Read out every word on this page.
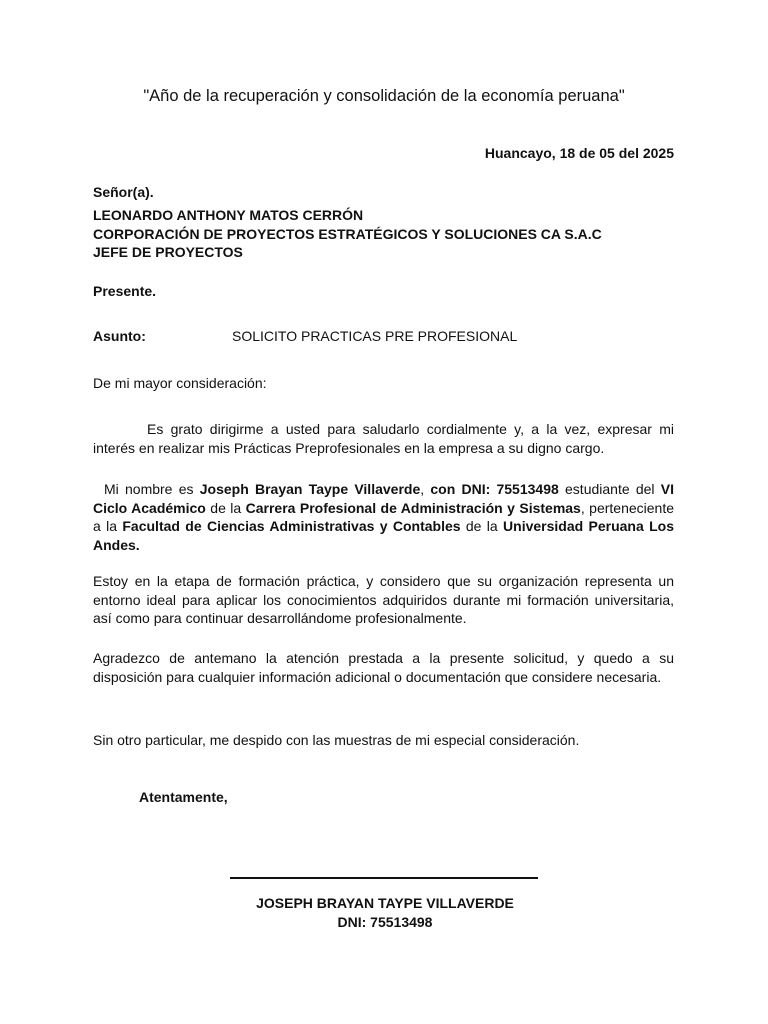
"Año de la recuperación y consolidación de la economía peruana"
Huancayo, 18 de 05 del 2025
Señor(a).
LEONARDO ANTHONY MATOS CERRÓN
CORPORACIÓN DE PROYECTOS ESTRATÉGICOS Y SOLUCIONES CA S.A.C
JEFE DE PROYECTOS
Presente.
Asunto:	SOLICITO PRACTICAS PRE PROFESIONAL
De mi mayor consideración:
Es grato dirigirme a usted para saludarlo cordialmente y, a la vez, expresar mi interés en realizar mis Prácticas Preprofesionales en la empresa a su digno cargo.
Mi nombre es Joseph Brayan Taype Villaverde, con DNI: 75513498 estudiante del VI Ciclo Académico de la Carrera Profesional de Administración y Sistemas, perteneciente a la Facultad de Ciencias Administrativas y Contables de la Universidad Peruana Los Andes.
Estoy en la etapa de formación práctica, y considero que su organización representa un entorno ideal para aplicar los conocimientos adquiridos durante mi formación universitaria, así como para continuar desarrollándome profesionalmente.
Agradezco de antemano la atención prestada a la presente solicitud, y quedo a su disposición para cualquier información adicional o documentación que considere necesaria.
Sin otro particular, me despido con las muestras de mi especial consideración.
Atentamente,
JOSEPH BRAYAN TAYPE VILLAVERDE
DNI: 75513498
